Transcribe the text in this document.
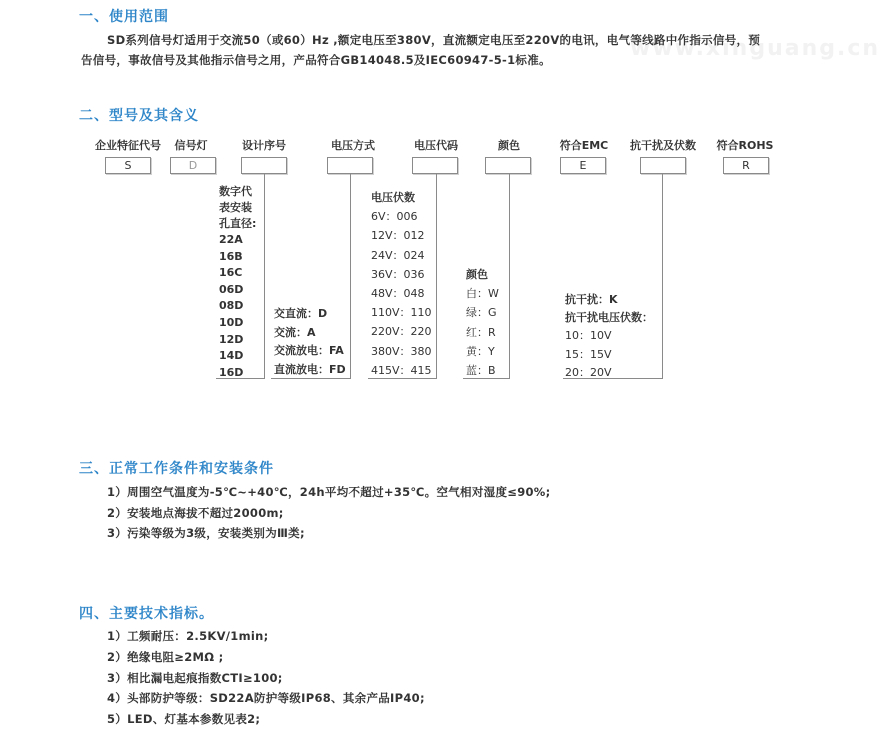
一、使用范围
www.xinguang.cn
SD系列信号灯适用于交流50（或60）Hz ,额定电压至380V，直流额定电压至220V的电讯，电气等线路中作指示信号，预
告信号，事故信号及其他指示信号之用，产品符合GB14048.5及IEC60947-5-1标准。
二、型号及其含义
企业特征代号	信号灯	设计序号	电压方式	电压代码	颜色	符合EMC	抗干扰及伏数	符合ROHS
S	D	E	R
数字代
表安装
孔直径:
22A
16B
16C
06D
08D
10D
12D
14D
16D
交直流：D
交流：A
交流放电：FA
直流放电：FD
电压伏数
6V：006
12V：012
24V：024
36V：036
48V：048
110V：110
220V：220
380V：380
415V：415
颜色
白：W
绿：G
红：R
黄：Y
蓝：B
抗干扰：K
抗干扰电压伏数：
10：10V
15：15V
20：20V
三、正常工作条件和安装条件
1）周围空气温度为-5℃~+40℃，24h平均不超过+35℃。空气相对湿度≤90%;
2）安装地点海拔不超过2000m;
3）污染等级为3级，安装类别为Ⅲ类;
四、主要技术指标。
1）工频耐压：2.5KV/1min;
2）绝缘电阻≥2MΩ ;
3）相比漏电起痕指数CTI≥100;
4）头部防护等级：SD22A防护等级IP68、其余产品IP40;
5）LED、灯基本参数见表2;
